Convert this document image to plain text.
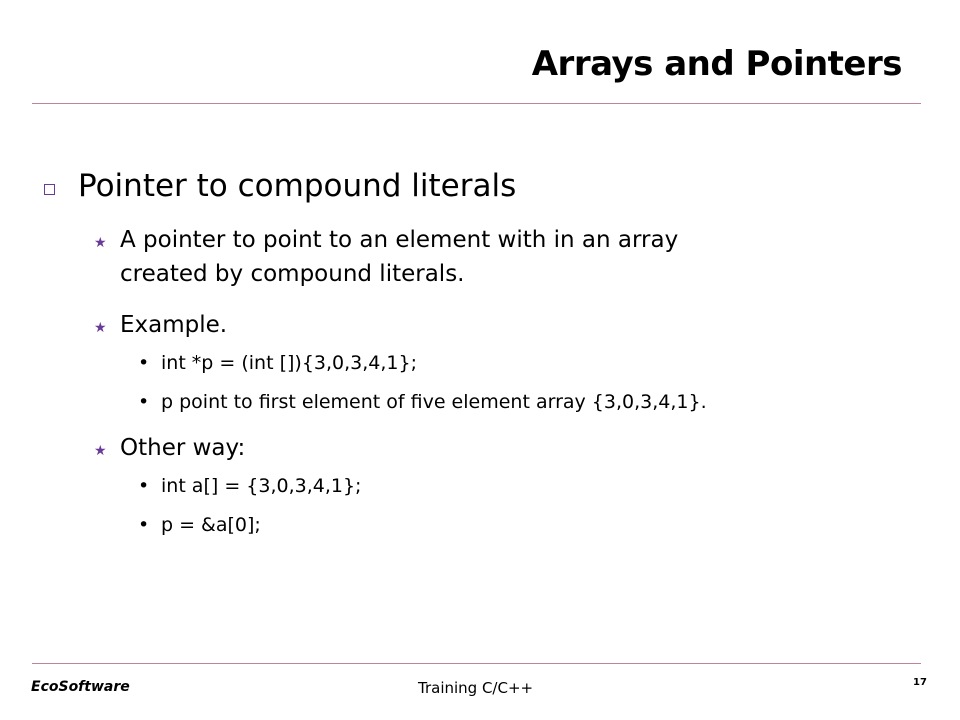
Arrays and Pointers
Pointer to compound literals
★ A pointer to point to an element with in an array
created by compound literals.
★ Example.
• int *p = (int []){3,0,3,4,1};
• p point to first element of five element array {3,0,3,4,1}.
★ Other way:
• int a[] = {3,0,3,4,1};
• p = &a[0];
EcoSoftware	Training C/C++	17
